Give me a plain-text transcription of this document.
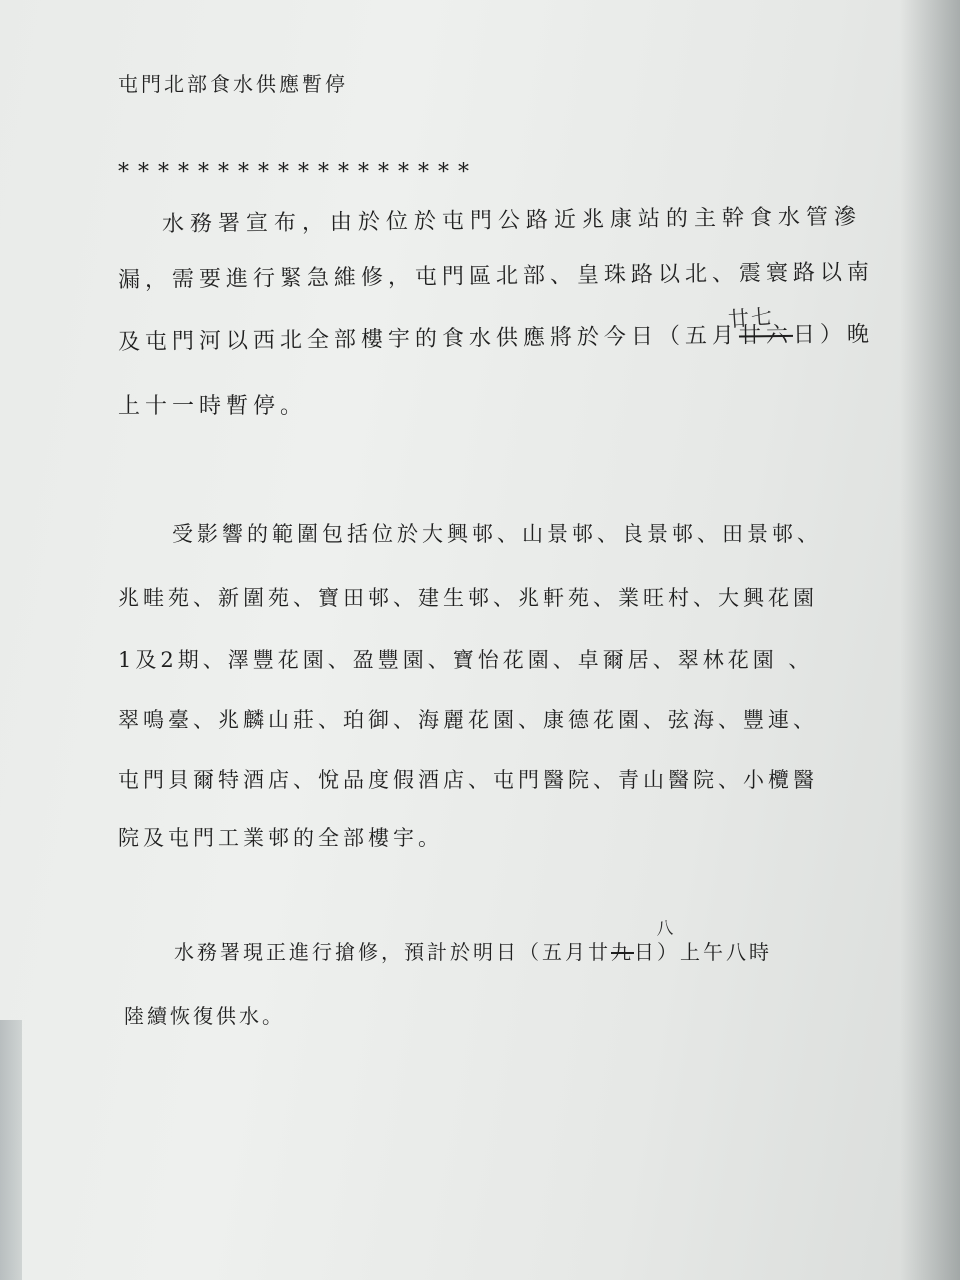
屯門北部食水供應暫停
******************
水務署宣布，由於位於屯門公路近兆康站的主幹食水管滲
漏，需要進行緊急維修，屯門區北部、皇珠路以北、震寰路以南
及屯門河以西北全部樓宇的食水供應將於今日（五月廿六日）晚
廿七
上十一時暫停。
受影響的範圍包括位於大興邨、山景邨、良景邨、田景邨、
兆畦苑、新圍苑、寶田邨、建生邨、兆軒苑、業旺村、大興花園
1及2期、澤豐花園、盈豐園、寶怡花園、卓爾居、翠林花園 、
翠鳴臺、兆麟山莊、珀御、海麗花園、康德花園、弦海、豐連、
屯門貝爾特酒店、悅品度假酒店、屯門醫院、青山醫院、小欖醫
院及屯門工業邨的全部樓宇。
水務署現正進行搶修，預計於明日（五月廿九日）上午八時
八
陸續恢復供水。
